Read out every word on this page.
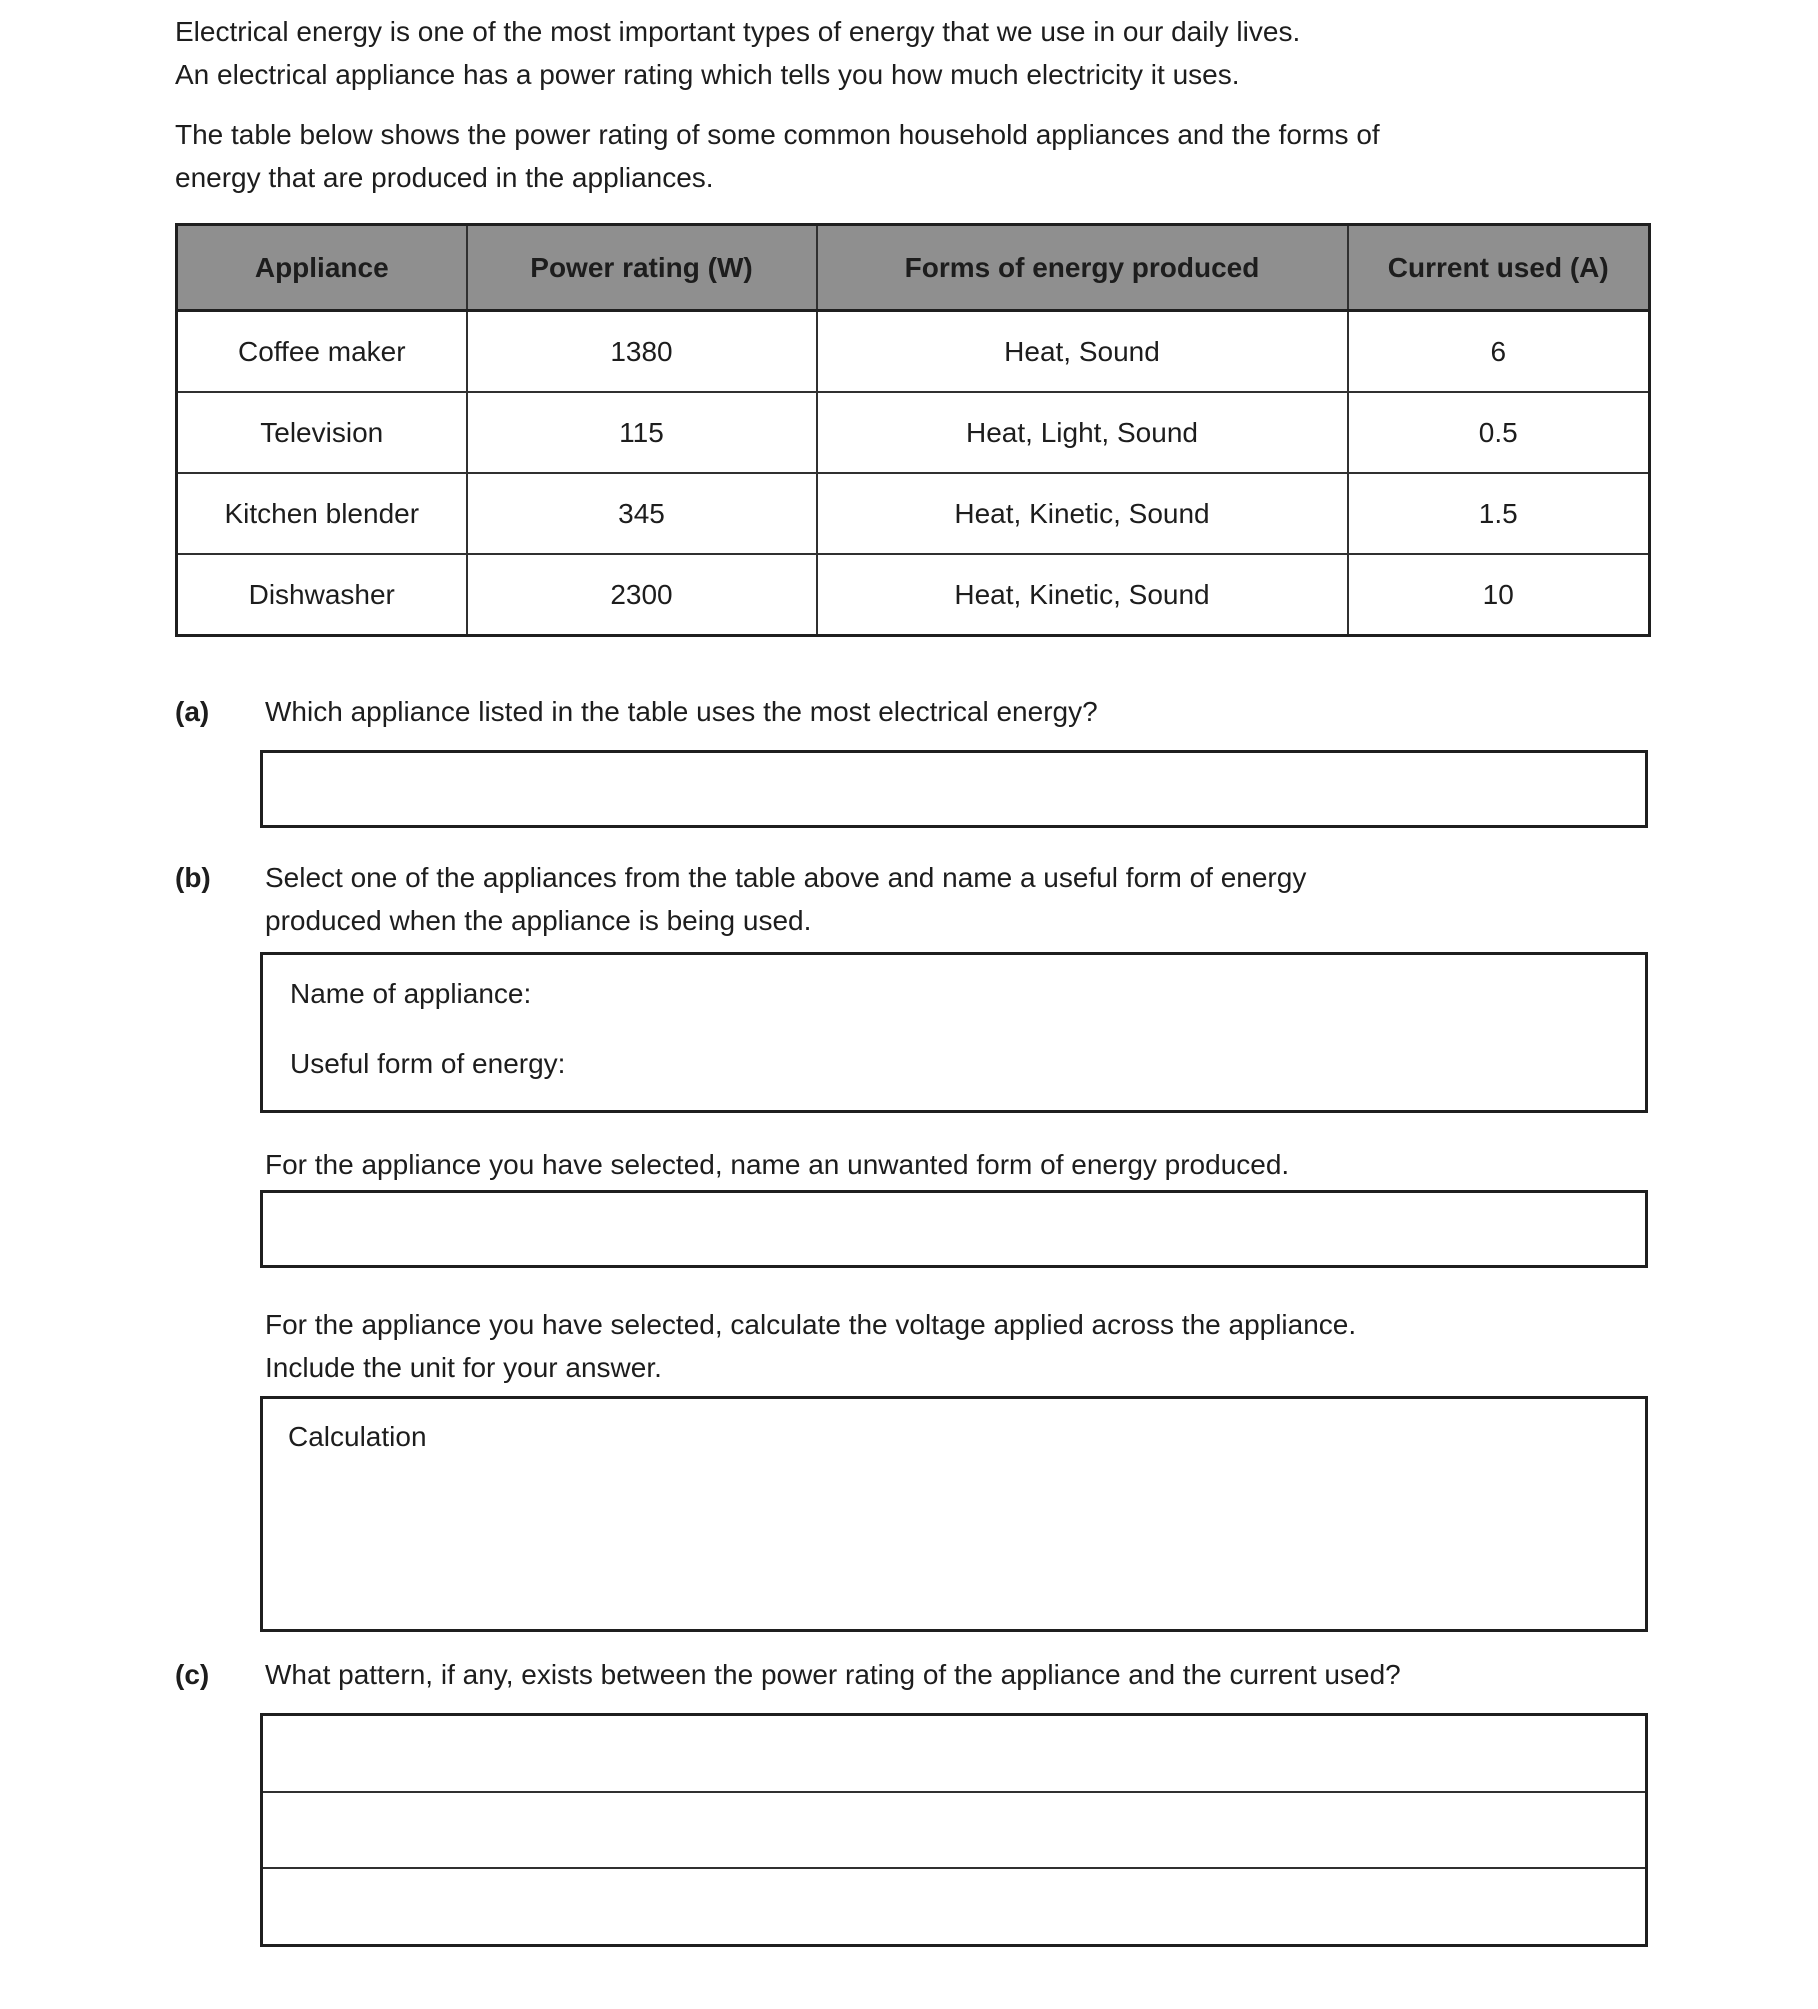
Electrical energy is one of the most important types of energy that we use in our daily lives.
An electrical appliance has a power rating which tells you how much electricity it uses.
The table below shows the power rating of some common household appliances and the forms of
energy that are produced in the appliances.
Appliance	Power rating (W)	Forms of energy produced	Current used (A)
Coffee maker	1380	Heat, Sound	6
Television	115	Heat, Light, Sound	0.5
Kitchen blender	345	Heat, Kinetic, Sound	1.5
Dishwasher	2300	Heat, Kinetic, Sound	10
(a) Which appliance listed in the table uses the most electrical energy?
(b) Select one of the appliances from the table above and name a useful form of energy
produced when the appliance is being used.
Name of appliance:
Useful form of energy:
For the appliance you have selected, name an unwanted form of energy produced.
For the appliance you have selected, calculate the voltage applied across the appliance.
Include the unit for your answer.
Calculation
(c) What pattern, if any, exists between the power rating of the appliance and the current used?
